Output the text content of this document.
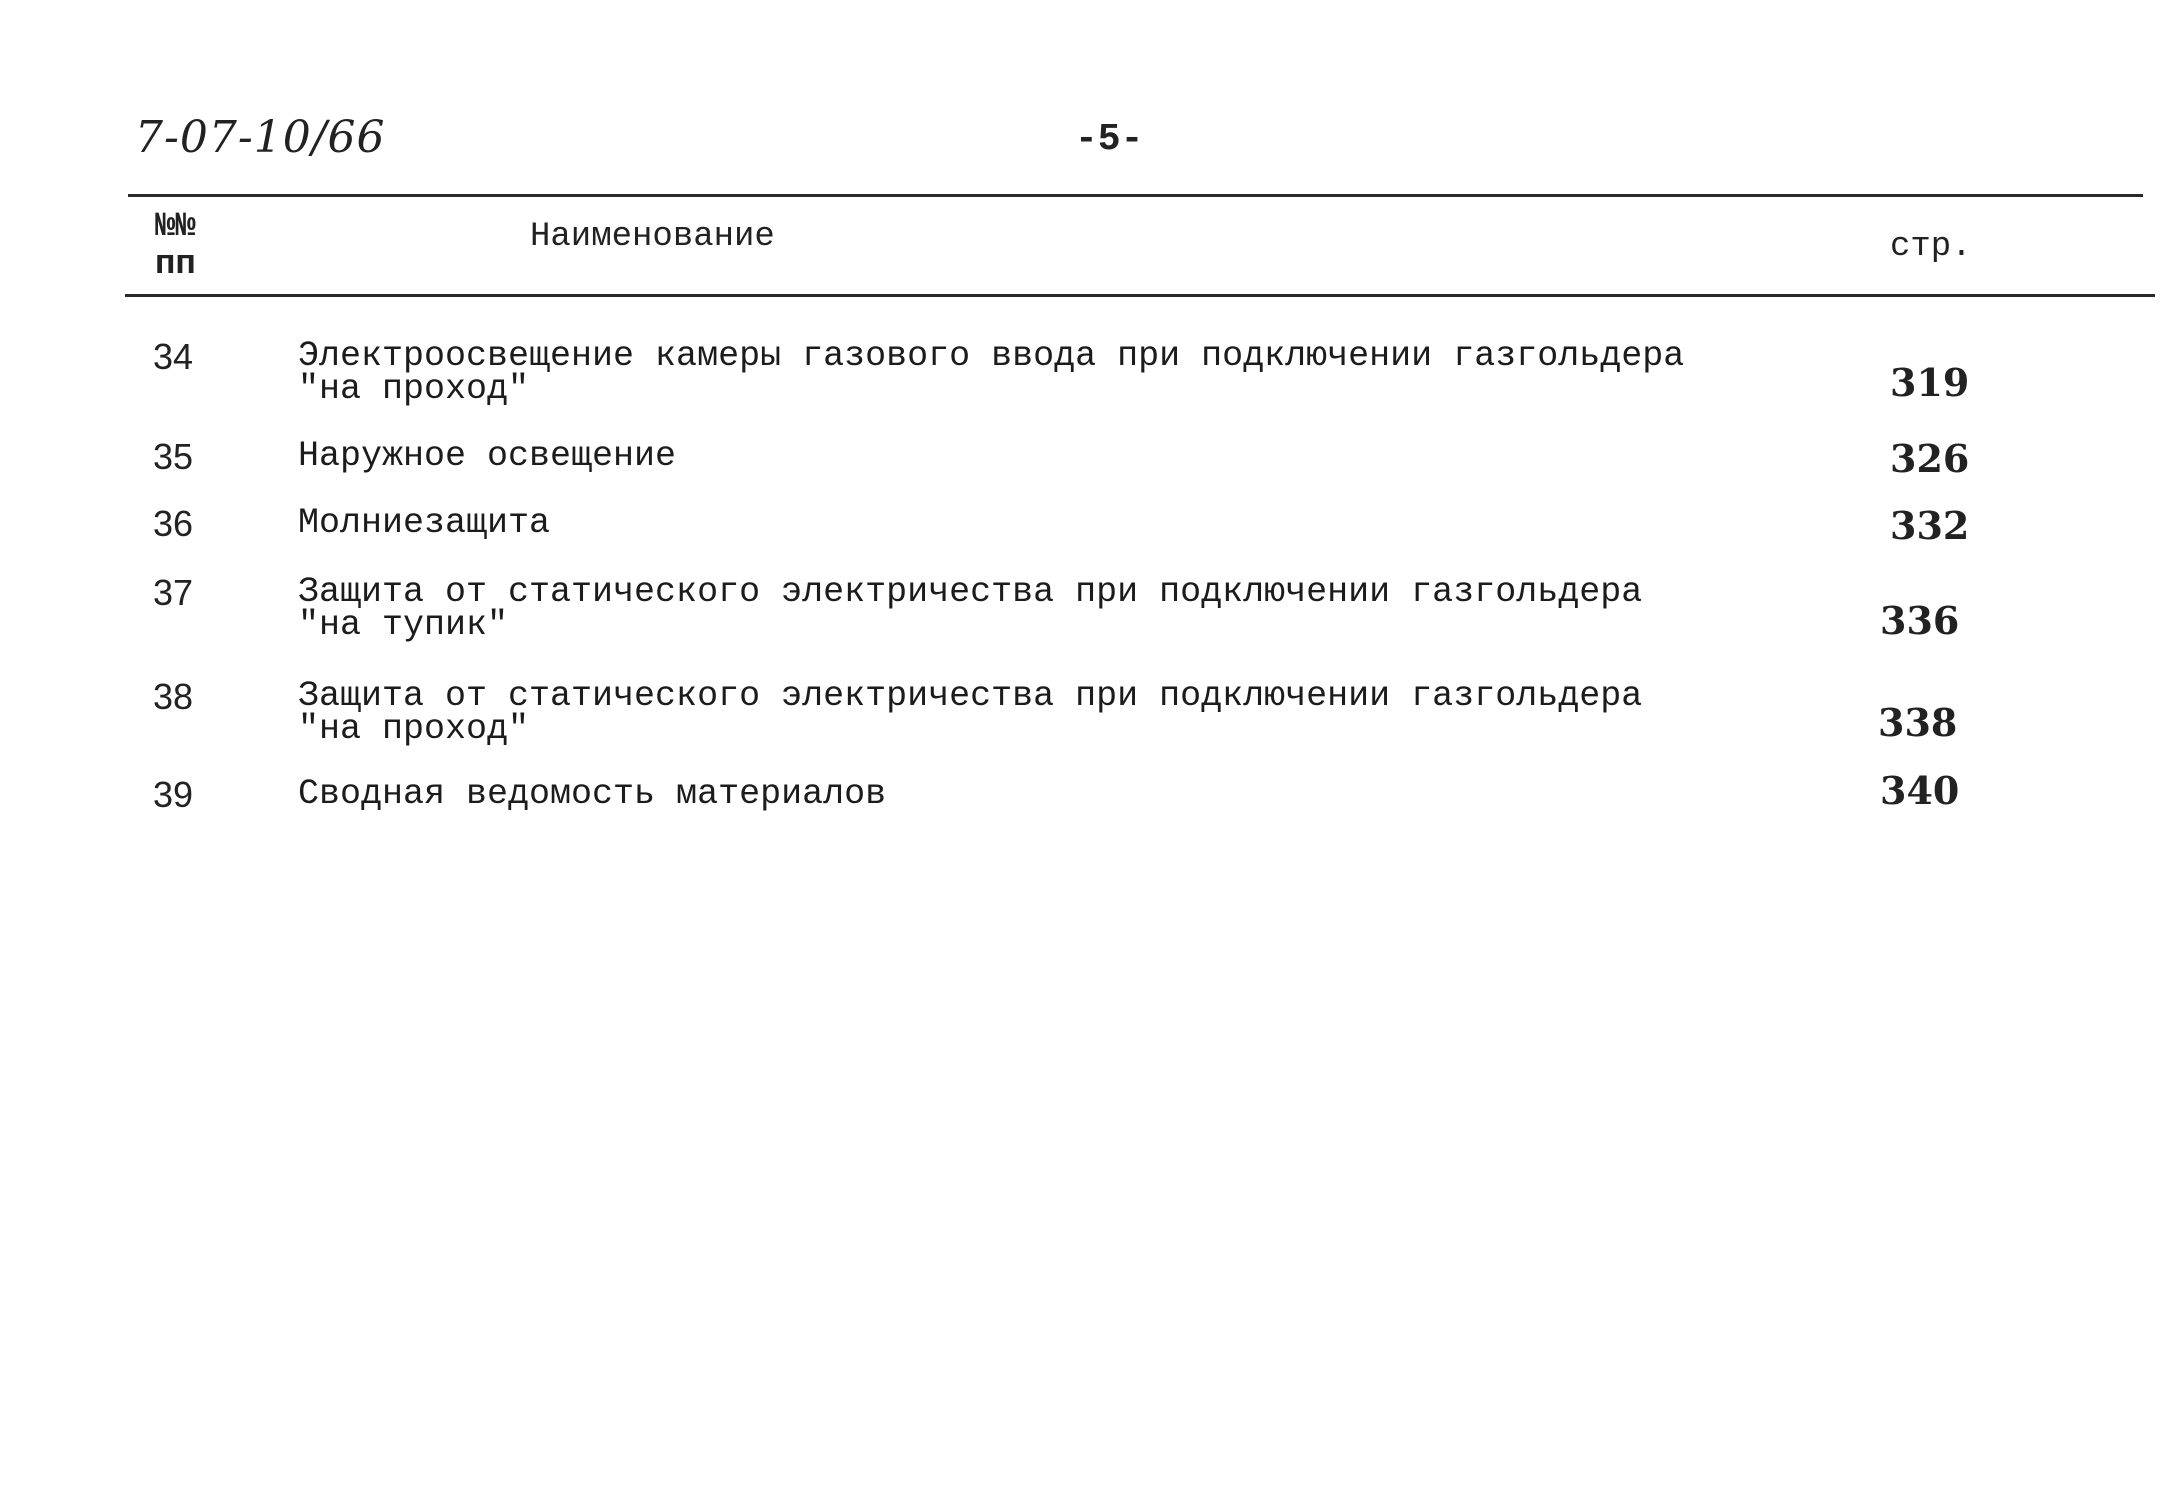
7-07-10/66	-5-
№№
пп
Наименование	стр.
34	Электроосвещение камеры газового ввода при подключении газгольдера
"на проход"	319
35	Наружное освещение	326
36	Молниезащита	332
37	Защита от статического электричества при подключении газгольдера
"на тупик"	336
38	Защита от статического электричества при подключении газгольдера
"на проход"	338
39	Сводная ведомость материалов	340
